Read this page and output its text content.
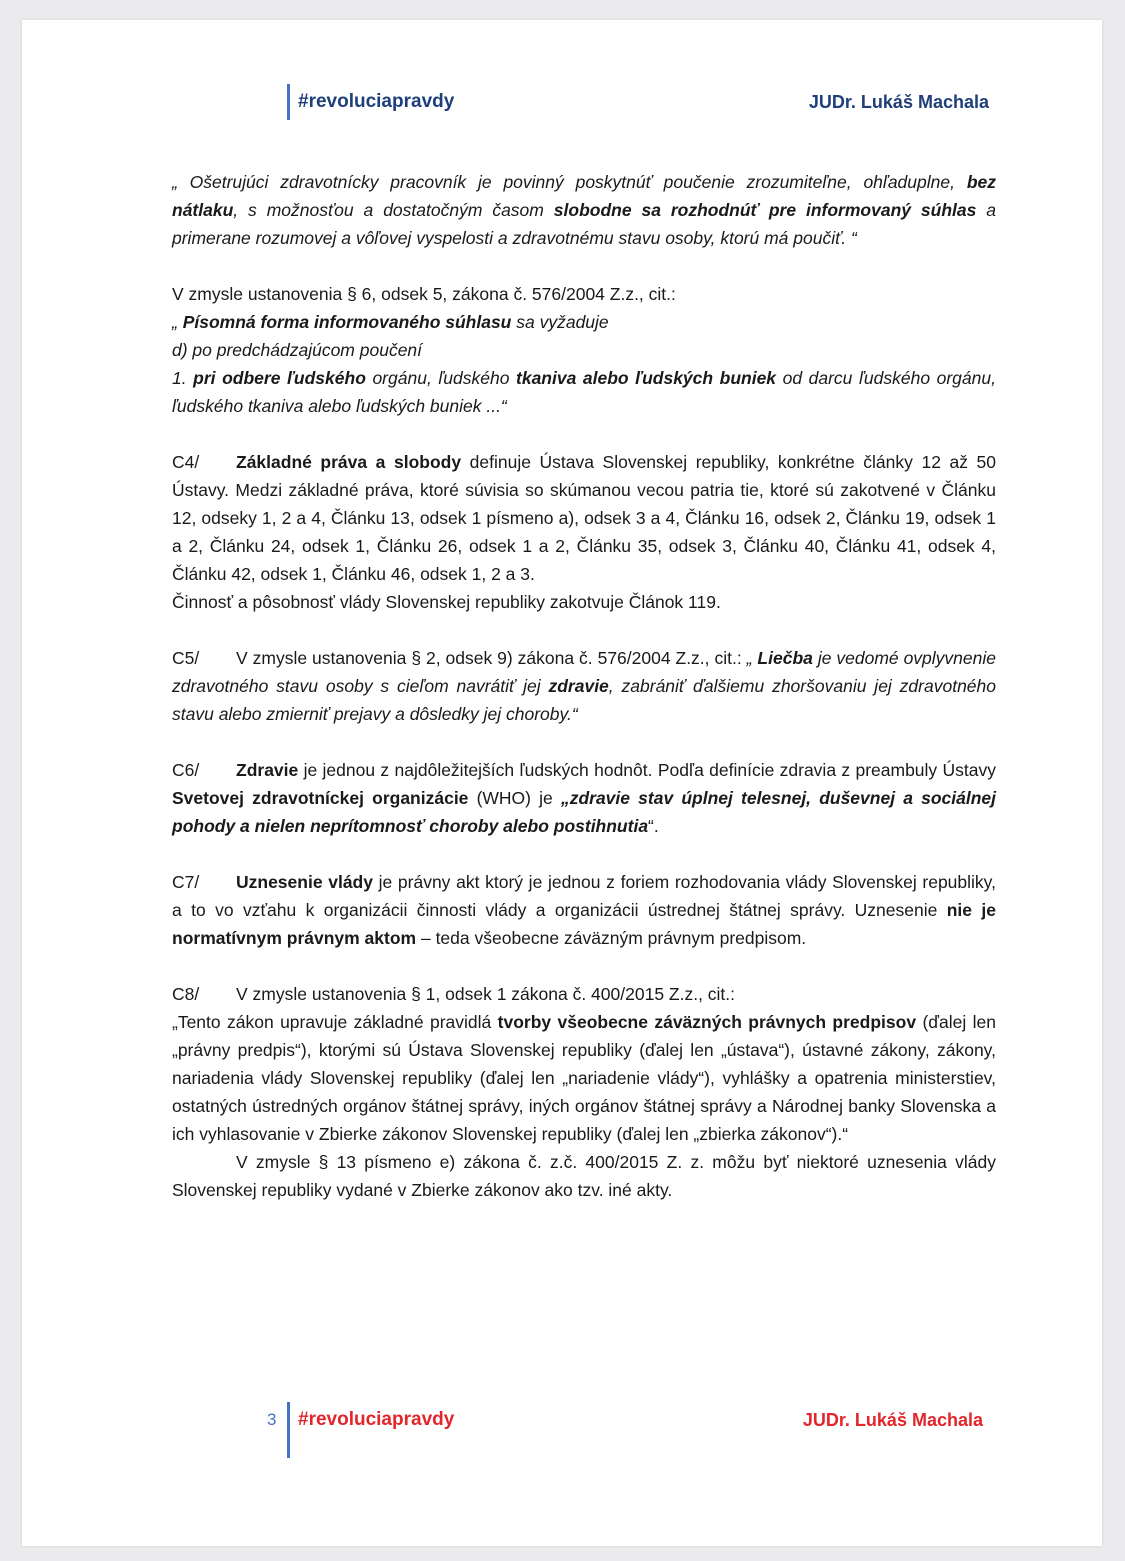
#revoluciapravdy	JUDr. Lukáš Machala

„ Ošetrujúci zdravotnícky pracovník je povinný poskytnúť poučenie zrozumiteľne, ohľaduplne, bez nátlaku, s možnosťou a dostatočným časom slobodne sa rozhodnúť pre informovaný súhlas a primerane rozumovej a vôľovej vyspelosti a zdravotnému stavu osoby, ktorú má poučiť. “

V zmysle ustanovenia § 6, odsek 5, zákona č. 576/2004 Z.z., cit.:
„ Písomná forma informovaného súhlasu sa vyžaduje
d) po predchádzajúcom poučení
1. pri odbere ľudského orgánu, ľudského tkaniva alebo ľudských buniek od darcu ľudského orgánu, ľudského tkaniva alebo ľudských buniek ...“
C4/ Základné práva a slobody definuje Ústava Slovenskej republiky, konkrétne články 12 až 50 Ústavy. Medzi základné práva, ktoré súvisia so skúmanou vecou patria tie, ktoré sú zakotvené v Článku 12, odseky 1, 2 a 4, Článku 13, odsek 1 písmeno a), odsek 3 a 4, Článku 16, odsek 2, Článku 19, odsek 1 a 2, Článku 24, odsek 1, Článku 26, odsek 1 a 2, Článku 35, odsek 3, Článku 40, Článku 41, odsek 4, Článku 42, odsek 1, Článku 46, odsek 1, 2 a 3.
Činnosť a pôsobnosť vlády Slovenskej republiky zakotvuje Článok 119.

C5/ V zmysle ustanovenia § 2, odsek 9) zákona č. 576/2004 Z.z., cit.: „ Liečba je vedomé ovplyvnenie zdravotného stavu osoby s cieľom navrátiť jej zdravie, zabrániť ďalšiemu zhoršovaniu jej zdravotného stavu alebo zmierniť prejavy a dôsledky jej choroby.“

C6/ Zdravie je jednou z najdôležitejších ľudských hodnôt. Podľa definície zdravia z preambuly Ústavy Svetovej zdravotníckej organizácie (WHO) je „zdravie stav úplnej telesnej, duševnej a sociálnej pohody a nielen neprítomnosť choroby alebo postihnutia“.

C7/ Uznesenie vlády je právny akt ktorý je jednou z foriem rozhodovania vlády Slovenskej republiky, a to vo vzťahu k organizácii činnosti vlády a organizácii ústrednej štátnej správy. Uznesenie nie je normatívnym právnym aktom – teda všeobecne záväzným právnym predpisom.

C8/ V zmysle ustanovenia § 1, odsek 1 zákona č. 400/2015 Z.z., cit.:
„Tento zákon upravuje základné pravidlá tvorby všeobecne záväzných právnych predpisov (ďalej len „právny predpis“), ktorými sú Ústava Slovenskej republiky (ďalej len „ústava“), ústavné zákony, zákony, nariadenia vlády Slovenskej republiky (ďalej len „nariadenie vlády“), vyhlášky a opatrenia ministerstiev, ostatných ústredných orgánov štátnej správy, iných orgánov štátnej správy a Národnej banky Slovenska a ich vyhlasovanie v Zbierke zákonov Slovenskej republiky (ďalej len „zbierka zákonov“).“
V zmysle § 13 písmeno e) zákona č. z.č. 400/2015 Z. z. môžu byť niektoré uznesenia vlády Slovenskej republiky vydané v Zbierke zákonov ako tzv. iné akty.
3 #revoluciapravdy	JUDr. Lukáš Machala
